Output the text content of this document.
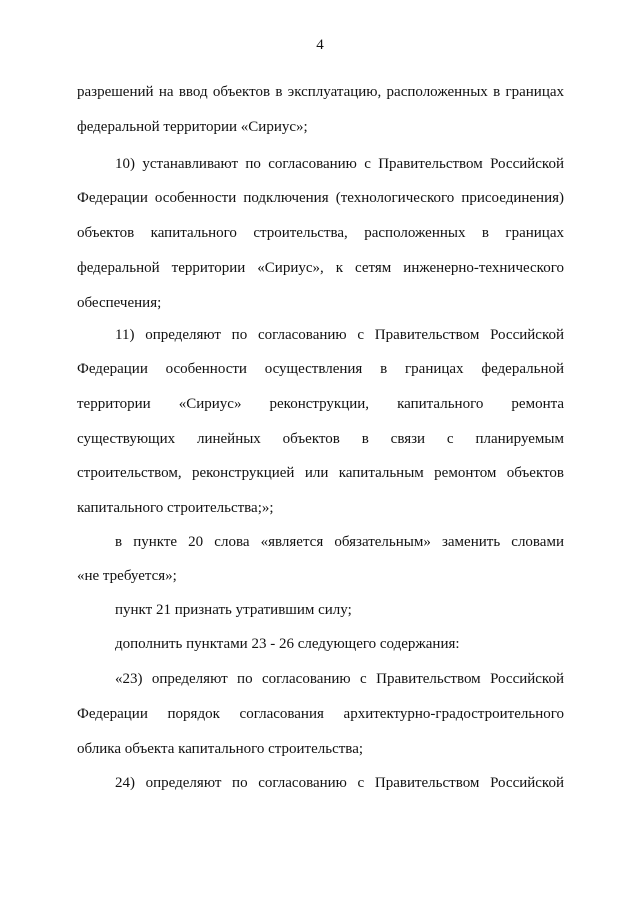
4
разрешений на ввод объектов в эксплуатацию, расположенных в границах
федеральной территории «Сириус»;
10) устанавливают по согласованию с Правительством Российской
Федерации особенности подключения (технологического присоединения)
объектов капитального строительства, расположенных в границах
федеральной территории «Сириус», к сетям инженерно-технического
обеспечения;
11) определяют по согласованию с Правительством Российской
Федерации особенности осуществления в границах федеральной
территории «Сириус» реконструкции, капитального ремонта
существующих линейных объектов в связи с планируемым
строительством, реконструкцией или капитальным ремонтом объектов
капитального строительства;»;
в пункте 20 слова «является обязательным» заменить словами
«не требуется»;
пункт 21 признать утратившим силу;
дополнить пунктами 23 - 26 следующего содержания:
«23) определяют по согласованию с Правительством Российской
Федерации порядок согласования архитектурно-градостроительного
облика объекта капитального строительства;
24) определяют по согласованию с Правительством Российской
